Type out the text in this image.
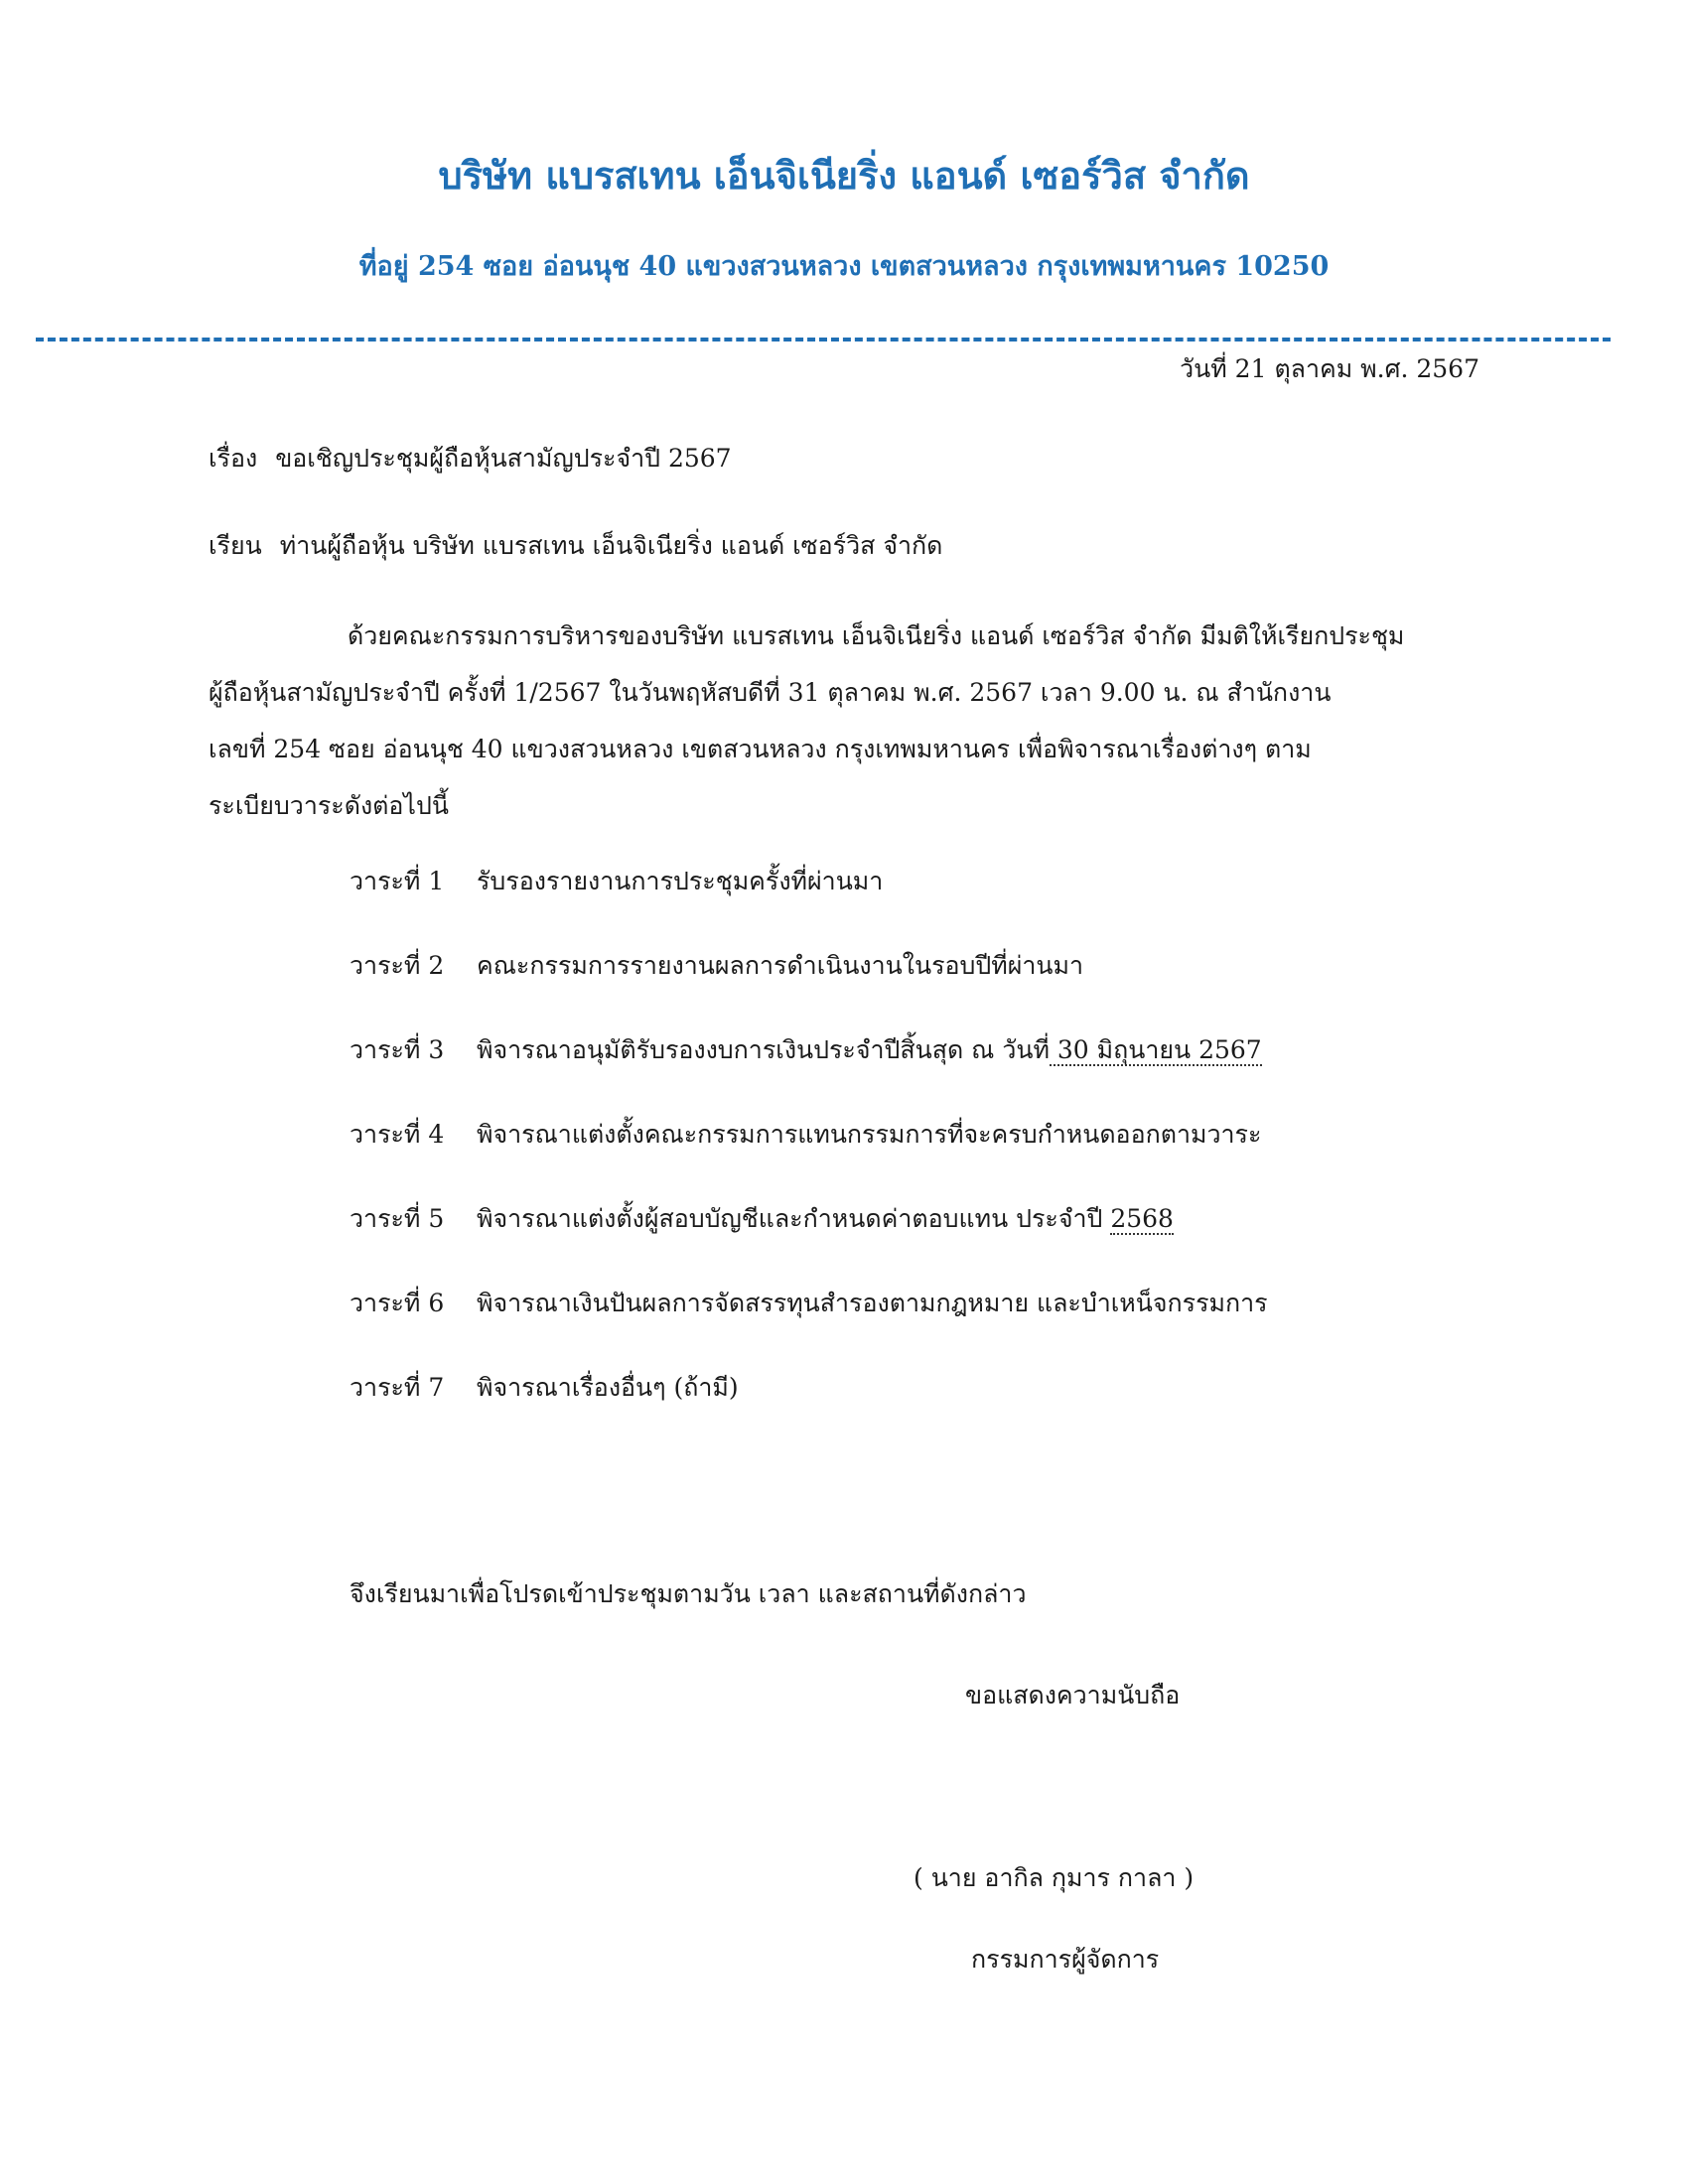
บริษัท แบรสเทน เอ็นจิเนียริ่ง แอนด์ เซอร์วิส จำกัด
ที่อยู่ 254 ซอย อ่อนนุช 40 แขวงสวนหลวง เขตสวนหลวง กรุงเทพมหานคร 10250
วันที่ 21 ตุลาคม พ.ศ. 2567
เรื่อง ขอเชิญประชุมผู้ถือหุ้นสามัญประจำปี 2567
เรียน ท่านผู้ถือหุ้น บริษัท แบรสเทน เอ็นจิเนียริ่ง แอนด์ เซอร์วิส จำกัด
ด้วยคณะกรรมการบริหารของบริษัท แบรสเทน เอ็นจิเนียริ่ง แอนด์ เซอร์วิส จำกัด มีมติให้เรียกประชุม
ผู้ถือหุ้นสามัญประจำปี ครั้งที่ 1/2567 ในวันพฤหัสบดีที่ 31 ตุลาคม พ.ศ. 2567 เวลา 9.00 น. ณ สำนักงาน
เลขที่ 254 ซอย อ่อนนุช 40 แขวงสวนหลวง เขตสวนหลวง กรุงเทพมหานคร เพื่อพิจารณาเรื่องต่างๆ ตาม
ระเบียบวาระดังต่อไปนี้
วาระที่ 1 รับรองรายงานการประชุมครั้งที่ผ่านมา
วาระที่ 2 คณะกรรมการรายงานผลการดำเนินงานในรอบปีที่ผ่านมา
วาระที่ 3 พิจารณาอนุมัติรับรองงบการเงินประจำปีสิ้นสุด ณ วันที่ 30 มิถุนายน 2567
วาระที่ 4 พิจารณาแต่งตั้งคณะกรรมการแทนกรรมการที่จะครบกำหนดออกตามวาระ
วาระที่ 5 พิจารณาแต่งตั้งผู้สอบบัญชีและกำหนดค่าตอบแทน ประจำปี 2568
วาระที่ 6 พิจารณาเงินปันผลการจัดสรรทุนสำรองตามกฎหมาย และบำเหน็จกรรมการ
วาระที่ 7 พิจารณาเรื่องอื่นๆ (ถ้ามี)
จึงเรียนมาเพื่อโปรดเข้าประชุมตามวัน เวลา และสถานที่ดังกล่าว
ขอแสดงความนับถือ
( นาย อากิล กุมาร กาลา )
กรรมการผู้จัดการ
